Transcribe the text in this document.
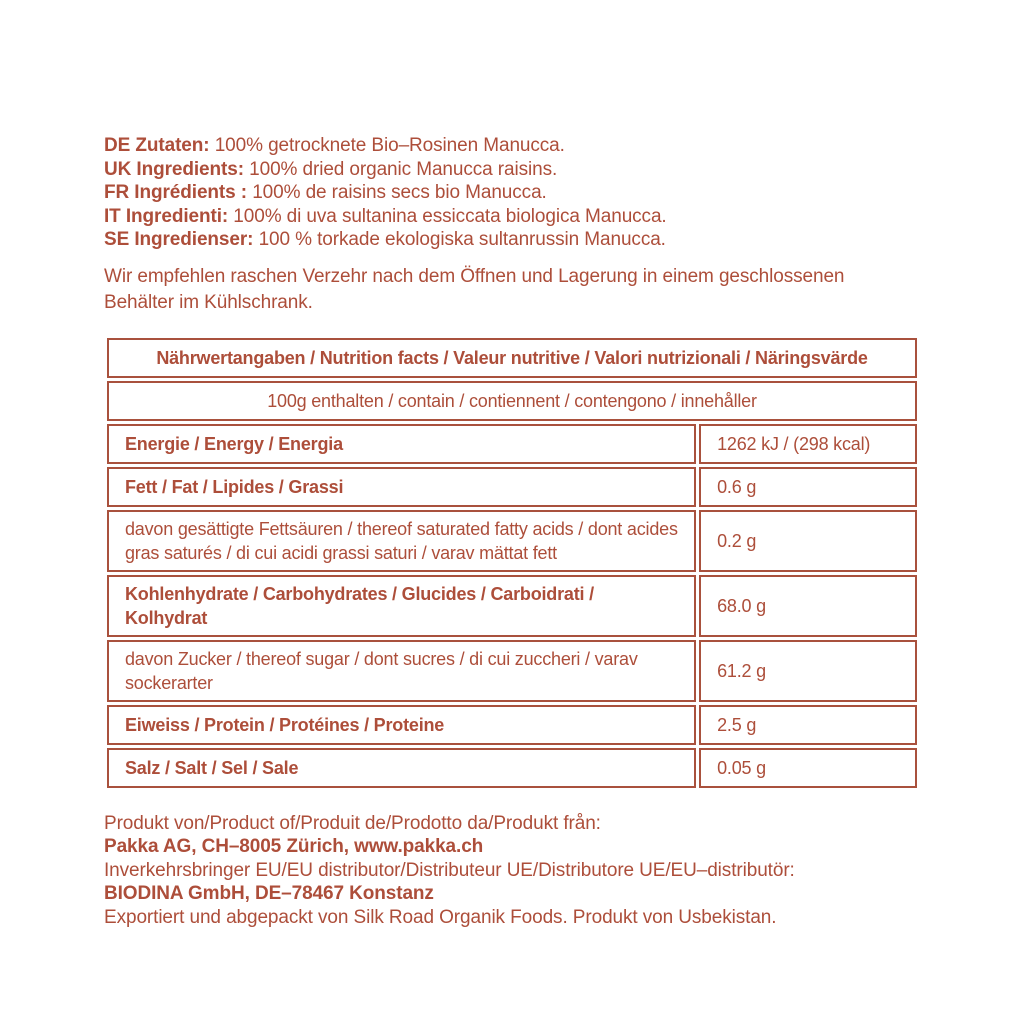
DE Zutaten: 100% getrocknete Bio–Rosinen Manucca.
UK Ingredients: 100% dried organic Manucca raisins.
FR Ingrédients : 100% de raisins secs bio Manucca.
IT Ingredienti: 100% di uva sultanina essiccata biologica Manucca.
SE Ingredienser: 100 % torkade ekologiska sultanrussin Manucca.
Wir empfehlen raschen Verzehr nach dem Öffnen und Lagerung in einem geschlossenen Behälter im Kühlschrank.
Nährwertangaben / Nutrition facts / Valeur nutritive / Valori nutrizionali / Näringsvärde	
100g enthalten / contain / contiennent / contengono / innehåller	
Energie / Energy / Energia	1262 kJ / (298 kcal)
Fett / Fat / Lipides / Grassi	0.6 g
davon gesättigte Fettsäuren / thereof saturated fatty acids / dont acides gras saturés / di cui acidi grassi saturi / varav mättat fett	0.2 g
Kohlenhydrate / Carbohydrates / Glucides / Carboidrati / Kolhydrat	68.0 g
davon Zucker / thereof sugar / dont sucres / di cui zuccheri / varav sockerarter	61.2 g
Eiweiss / Protein / Protéines / Proteine	2.5 g
Salz / Salt / Sel / Sale	0.05 g
Produkt von/Product of/Produit de/Prodotto da/Produkt från:
Pakka AG, CH–8005 Zürich, www.pakka.ch
Inverkehrsbringer EU/EU distributor/Distributeur UE/Distributore UE/EU–distributör:
BIODINA GmbH, DE–78467 Konstanz
Exportiert und abgepackt von Silk Road Organik Foods. Produkt von Usbekistan.
